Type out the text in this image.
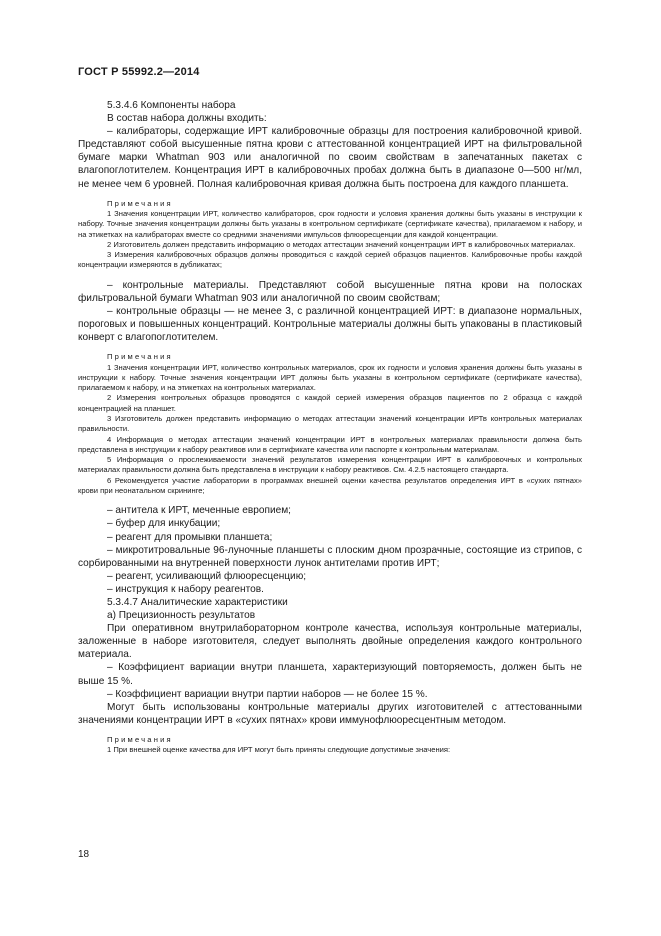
ГОСТ Р 55992.2—2014

5.3.4.6 Компоненты набора

В состав набора должны входить:

– калибраторы, содержащие ИРТ калибровочные образцы для построения калибровочной кривой. Представляют собой высушенные пятна крови с аттестованной концентрацией ИРТ на фильтровальной бумаге марки Whatman 903 или аналогичной по своим свойствам в запечатанных пакетах с влагопоглотителем. Концентрация ИРТ в калибровочных пробах должна быть в диапазоне 0—500 нг/мл, не менее чем 6 уровней. Полная калибровочная кривая должна быть построена для каждого планшета.

Примечания

1 Значения концентрации ИРТ, количество калибраторов, срок годности и условия хранения должны быть указаны в инструкции к набору. Точные значения концентрации должны быть указаны в контрольном сертификате (сертификате качества), прилагаемом к набору, и на этикетках на калибраторах вместе со средними значениями импульсов флюоресценции для каждой концентрации.

2 Изготовитель должен представить информацию о методах аттестации значений концентрации ИРТ в калибровочных материалах.

3 Измерения калибровочных образцов должны проводиться с каждой серией образцов пациентов. Калибровочные пробы каждой концентрации измеряются в дубликатах;

– контрольные материалы. Представляют собой высушенные пятна крови на полосках фильтровальной бумаги Whatman 903 или аналогичной по своим свойствам;

– контрольные образцы — не менее 3, с различной концентрацией ИРТ: в диапазоне нормальных, пороговых и повышенных концентраций. Контрольные материалы должны быть упакованы в пластиковый конверт с влагопоглотителем.

Примечания

1 Значения концентрации ИРТ, количество контрольных материалов, срок их годности и условия хранения должны быть указаны в инструкции к набору. Точные значения концентрации ИРТ должны быть указаны в контрольном сертификате (сертификате качества), прилагаемом к набору, и на этикетках на контрольных материалах.

2 Измерения контрольных образцов проводятся с каждой серией измерения образцов пациентов по 2 образца с каждой концентрацией на планшет.

3 Изготовитель должен представить информацию о методах аттестации значений концентрации ИРТв контрольных материалах правильности.

4 Информация о методах аттестации значений концентрации ИРТ в контрольных материалах правильности должна быть представлена в инструкции к набору реактивов или в сертификате качества или паспорте к контрольным материалам.

5 Информация о прослеживаемости значений результатов измерения концентрации ИРТ в калибровочных и контрольных материалах правильности должна быть представлена в инструкции к набору реактивов. См. 4.2.5 настоящего стандарта.

6 Рекомендуется участие лаборатории в программах внешней оценки качества результатов определения ИРТ в «сухих пятнах» крови при неонатальном скрининге;

– антитела к ИРТ, меченные европием;

– буфер для инкубации;

– реагент для промывки планшета;

– микротитровальные 96-луночные планшеты с плоским дном прозрачные, состоящие из стрипов, с сорбированными на внутренней поверхности лунок антителами против ИРТ;

– реагент, усиливающий флюоресценцию;

– инструкция к набору реагентов.

5.3.4.7 Аналитические характеристики

а) Прецизионность результатов

При оперативном внутрилабораторном контроле качества, используя контрольные материалы, заложенные в наборе изготовителя, следует выполнять двойные определения каждого контрольного материала.

– Коэффициент вариации внутри планшета, характеризующий повторяемость, должен быть не выше 15 %.

– Коэффициент вариации внутри партии наборов — не более 15 %.

Могут быть использованы контрольные материалы других изготовителей с аттестованными значениями концентрации ИРТ в «сухих пятнах» крови иммунофлюоресцентным методом.

Примечания

1 При внешней оценке качества для ИРТ могут быть приняты следующие допустимые значения:

18
